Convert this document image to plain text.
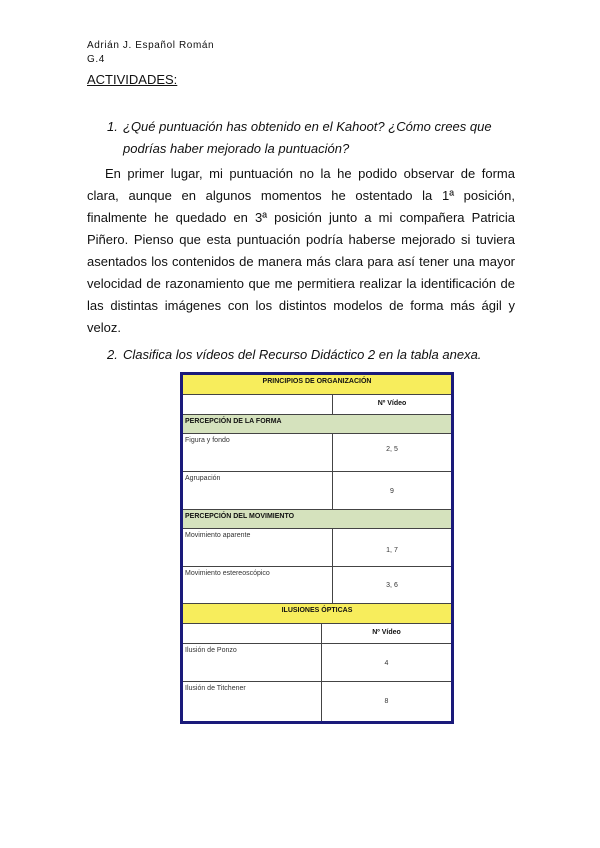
Adrián J. Español Román
G.4
ACTIVIDADES:
1. ¿Qué puntuación has obtenido en el Kahoot? ¿Cómo crees que podrías haber mejorado la puntuación?
En primer lugar, mi puntuación no la he podido observar de forma clara, aunque en algunos momentos he ostentado la 1ª posición, finalmente he quedado en 3ª posición junto a mi compañera Patricia Piñero. Pienso que esta puntuación podría haberse mejorado si tuviera asentados los contenidos de manera más clara para así tener una mayor velocidad de razonamiento que me permitiera realizar la identificación de las distintas imágenes con los distintos modelos de forma más ágil y veloz.
2. Clasifica los vídeos del Recurso Didáctico 2 en la tabla anexa.
PRINCIPIOS DE ORGANIZACIÓN
Nº Vídeo
PERCEPCIÓN DE LA FORMA
Figura y fondo
2, 5
Agrupación
9
PERCEPCIÓN DEL MOVIMIENTO
Movimiento aparente
1, 7
Movimiento estereoscópico
3, 6
ILUSIONES ÓPTICAS
Nº Vídeo
Ilusión de Ponzo
4
Ilusión de Titchener
8
